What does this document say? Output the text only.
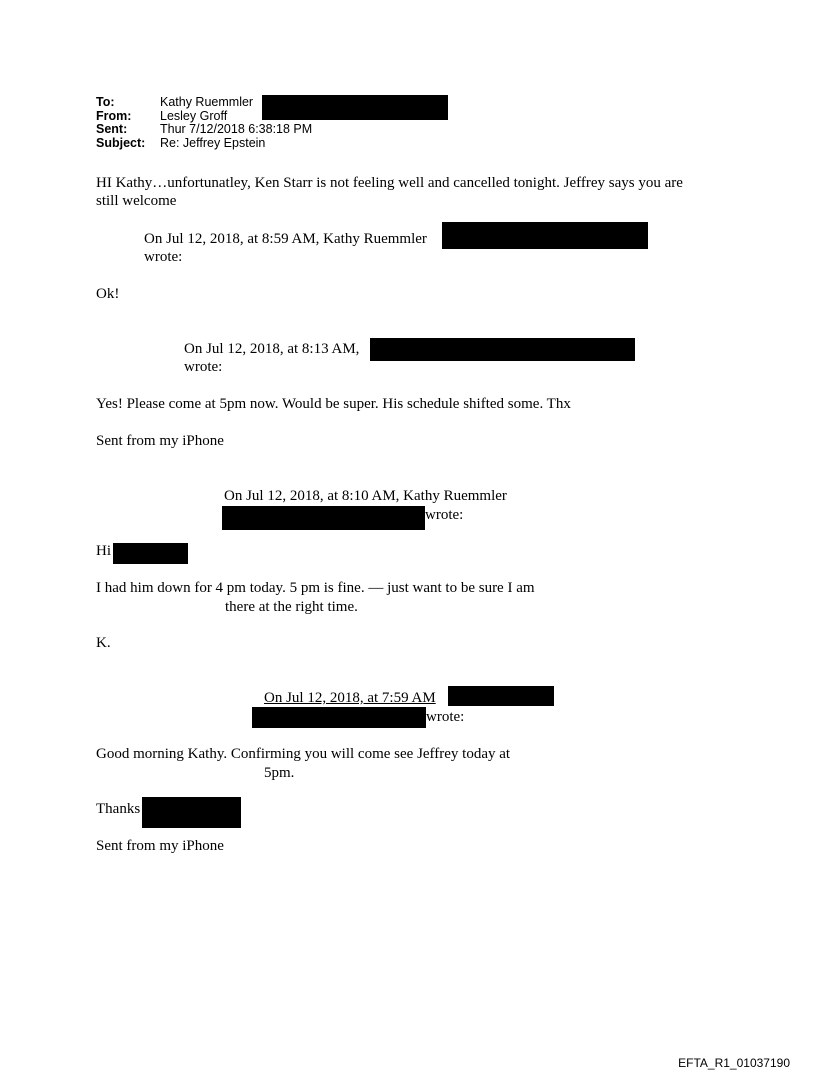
To:	Kathy Ruemmler
From:	Lesley Groff
Sent:	Thur 7/12/2018 6:38:18 PM
Subject:	Re: Jeffrey Epstein
HI Kathy…unfortunatley, Ken Starr is not feeling well and cancelled tonight. Jeffrey says you are
still welcome
On Jul 12, 2018, at 8:59 AM, Kathy Ruemmler
wrote:
Ok!
On Jul 12, 2018, at 8:13 AM,
wrote:
Yes! Please come at 5pm now. Would be super. His schedule shifted some. Thx
Sent from my iPhone
On Jul 12, 2018, at 8:10 AM, Kathy Ruemmler
wrote:
Hi
I had him down for 4 pm today. 5 pm is fine. — just want to be sure I am
there at the right time.
K.
On Jul 12, 2018, at 7:59 AM
wrote:
Good morning Kathy. Confirming you will come see Jeffrey today at
5pm.
Thanks
Sent from my iPhone
EFTA_R1_01037190
